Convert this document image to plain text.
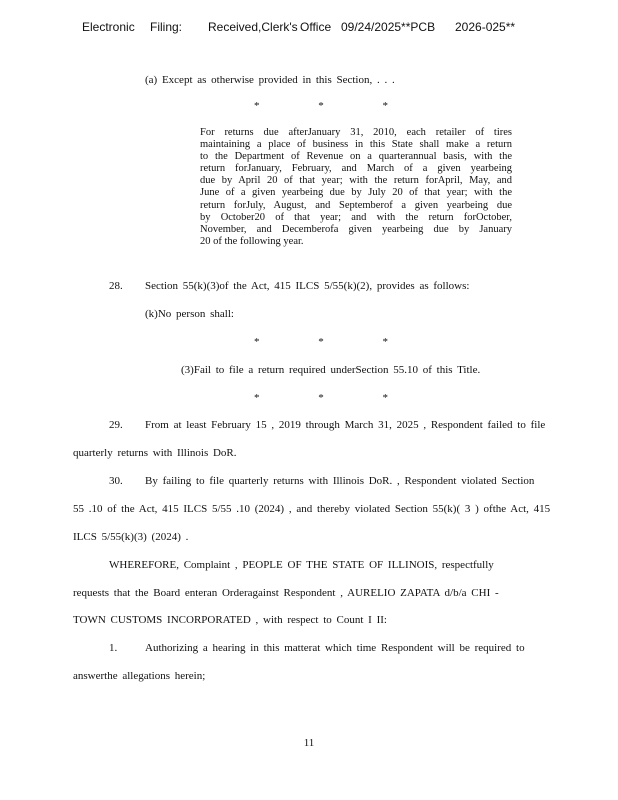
Electronic Filing: Received,Clerk's Office 09/24/2025**PCB 2026-025**
(a) Except as otherwise provided in this Section, . . .
* * *
For returns due afterJanuary 31, 2010, each retailer of tires
maintaining a place of business in this State shall make a return
to the Department of Revenue on a quarterannual basis, with the
return forJanuary, February, and March of a given yearbeing
due by April 20 of that year; with the return forApril, May, and
June of a given yearbeing due by July 20 of that year; with the
return forJuly, August, and Septemberof a given yearbeing due
by October20 of that year; and with the return forOctober,
November, and Decemberofa given yearbeing due by January
20 of the following year.
28. Section 55(k)(3)of the Act, 415 ILCS 5/55(k)(2), provides as follows:
(k)No person shall:
* * *
(3)Fail to file a return required underSection 55.10 of this Title.
* * *
29. From at least February 15 , 2019 through March 31, 2025 , Respondent failed to file
quarterly returns with Illinois DoR.
30. By failing to file quarterly returns with Illinois DoR. , Respondent violated Section
55 .10 of the Act, 415 ILCS 5/55 .10 (2024) , and thereby violated Section 55(k)( 3 ) ofthe Act, 415
ILCS 5/55(k)(3) (2024) .
WHEREFORE, Complaint , PEOPLE OF THE STATE OF ILLINOIS, respectfully
requests that the Board enteran Orderagainst Respondent , AURELIO ZAPATA d/b/a CHI -
TOWN CUSTOMS INCORPORATED , with respect to Count I II:
1.	Authorizing a hearing in this matterat which time Respondent will be required to
answerthe allegations herein;
11
